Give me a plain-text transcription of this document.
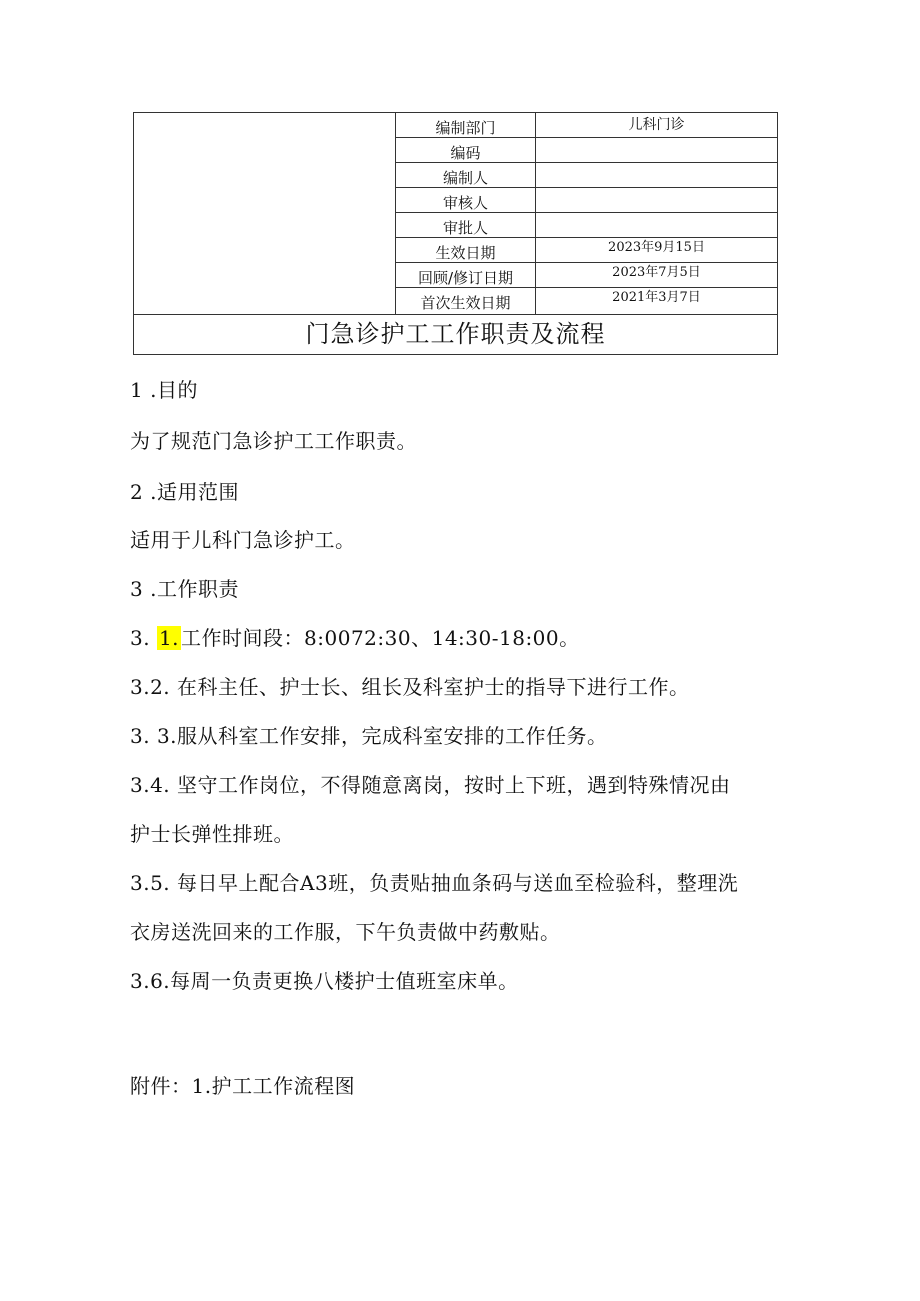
编制部门	儿科门诊
编码
编制人
审核人
审批人
生效日期	2023年9月15日
回顾/修订日期	2023年7月5日
首次生效日期	2021年3月7日
门急诊护工工作职责及流程
1 .目的
为了规范门急诊护工工作职责。
2 .适用范围
适用于儿科门急诊护工。
3 .工作职责
3. 1. 工作时间段：8:0072:30、14:30-18:00。
3.2. 在科主任、护士长、组长及科室护士的指导下进行工作。
3. 3.服从科室工作安排，完成科室安排的工作任务。
3.4. 坚守工作岗位，不得随意离岗，按时上下班，遇到特殊情况由
护士长弹性排班。
3.5. 每日早上配合A3班，负责贴抽血条码与送血至检验科，整理洗
衣房送洗回来的工作服，下午负责做中药敷贴。
3.6.每周一负责更换八楼护士值班室床单。
附件：1.护工工作流程图
